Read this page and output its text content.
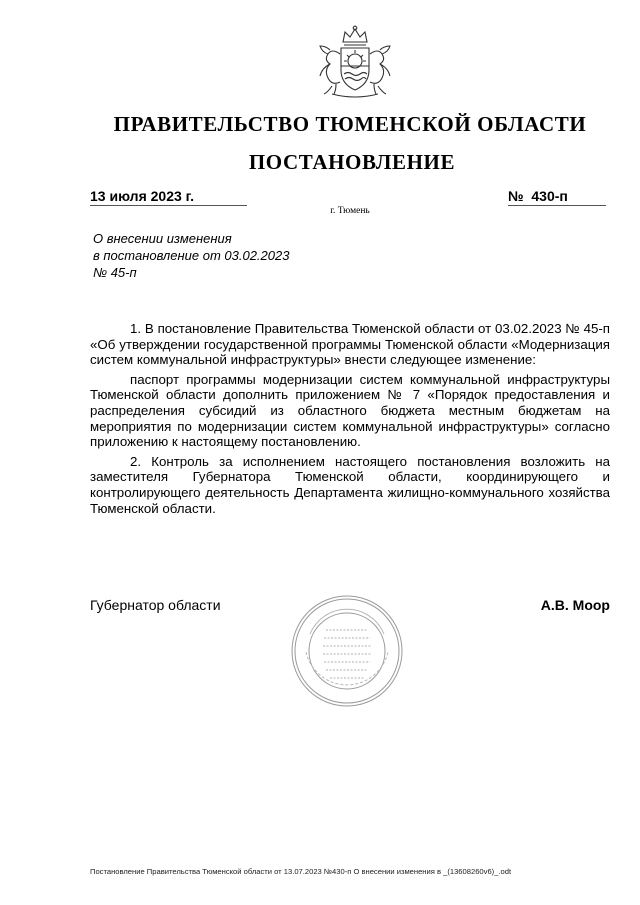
ПРАВИТЕЛЬСТВО ТЮМЕНСКОЙ ОБЛАСТИ
ПОСТАНОВЛЕНИЕ
13 июля 2023 г.	№  430-п
г. Тюмень
О внесении изменения
в постановление от 03.02.2023
№ 45-п

1. В постановление Правительства Тюменской области от 03.02.2023 № 45-п «Об утверждении государственной программы Тюменской области «Модернизация систем коммунальной инфраструктуры» внести следующее изменение:

паспорт программы модернизации систем коммунальной инфраструктуры Тюменской области дополнить приложением № 7 «Порядок предоставления и распределения субсидий из областного бюджета местным бюджетам на мероприятия по модернизации систем коммунальной инфраструктуры» согласно приложению к настоящему постановлению.

2. Контроль за исполнением настоящего постановления возложить на заместителя Губернатора Тюменской области, координирующего и контролирующего деятельность Департамента жилищно-коммунального хозяйства Тюменской области.

Губернатор области	А.В. Моор
Постановление Правительства Тюменской области от 13.07.2023 №430-п О внесении изменения в _(13608260v6)_.odt
